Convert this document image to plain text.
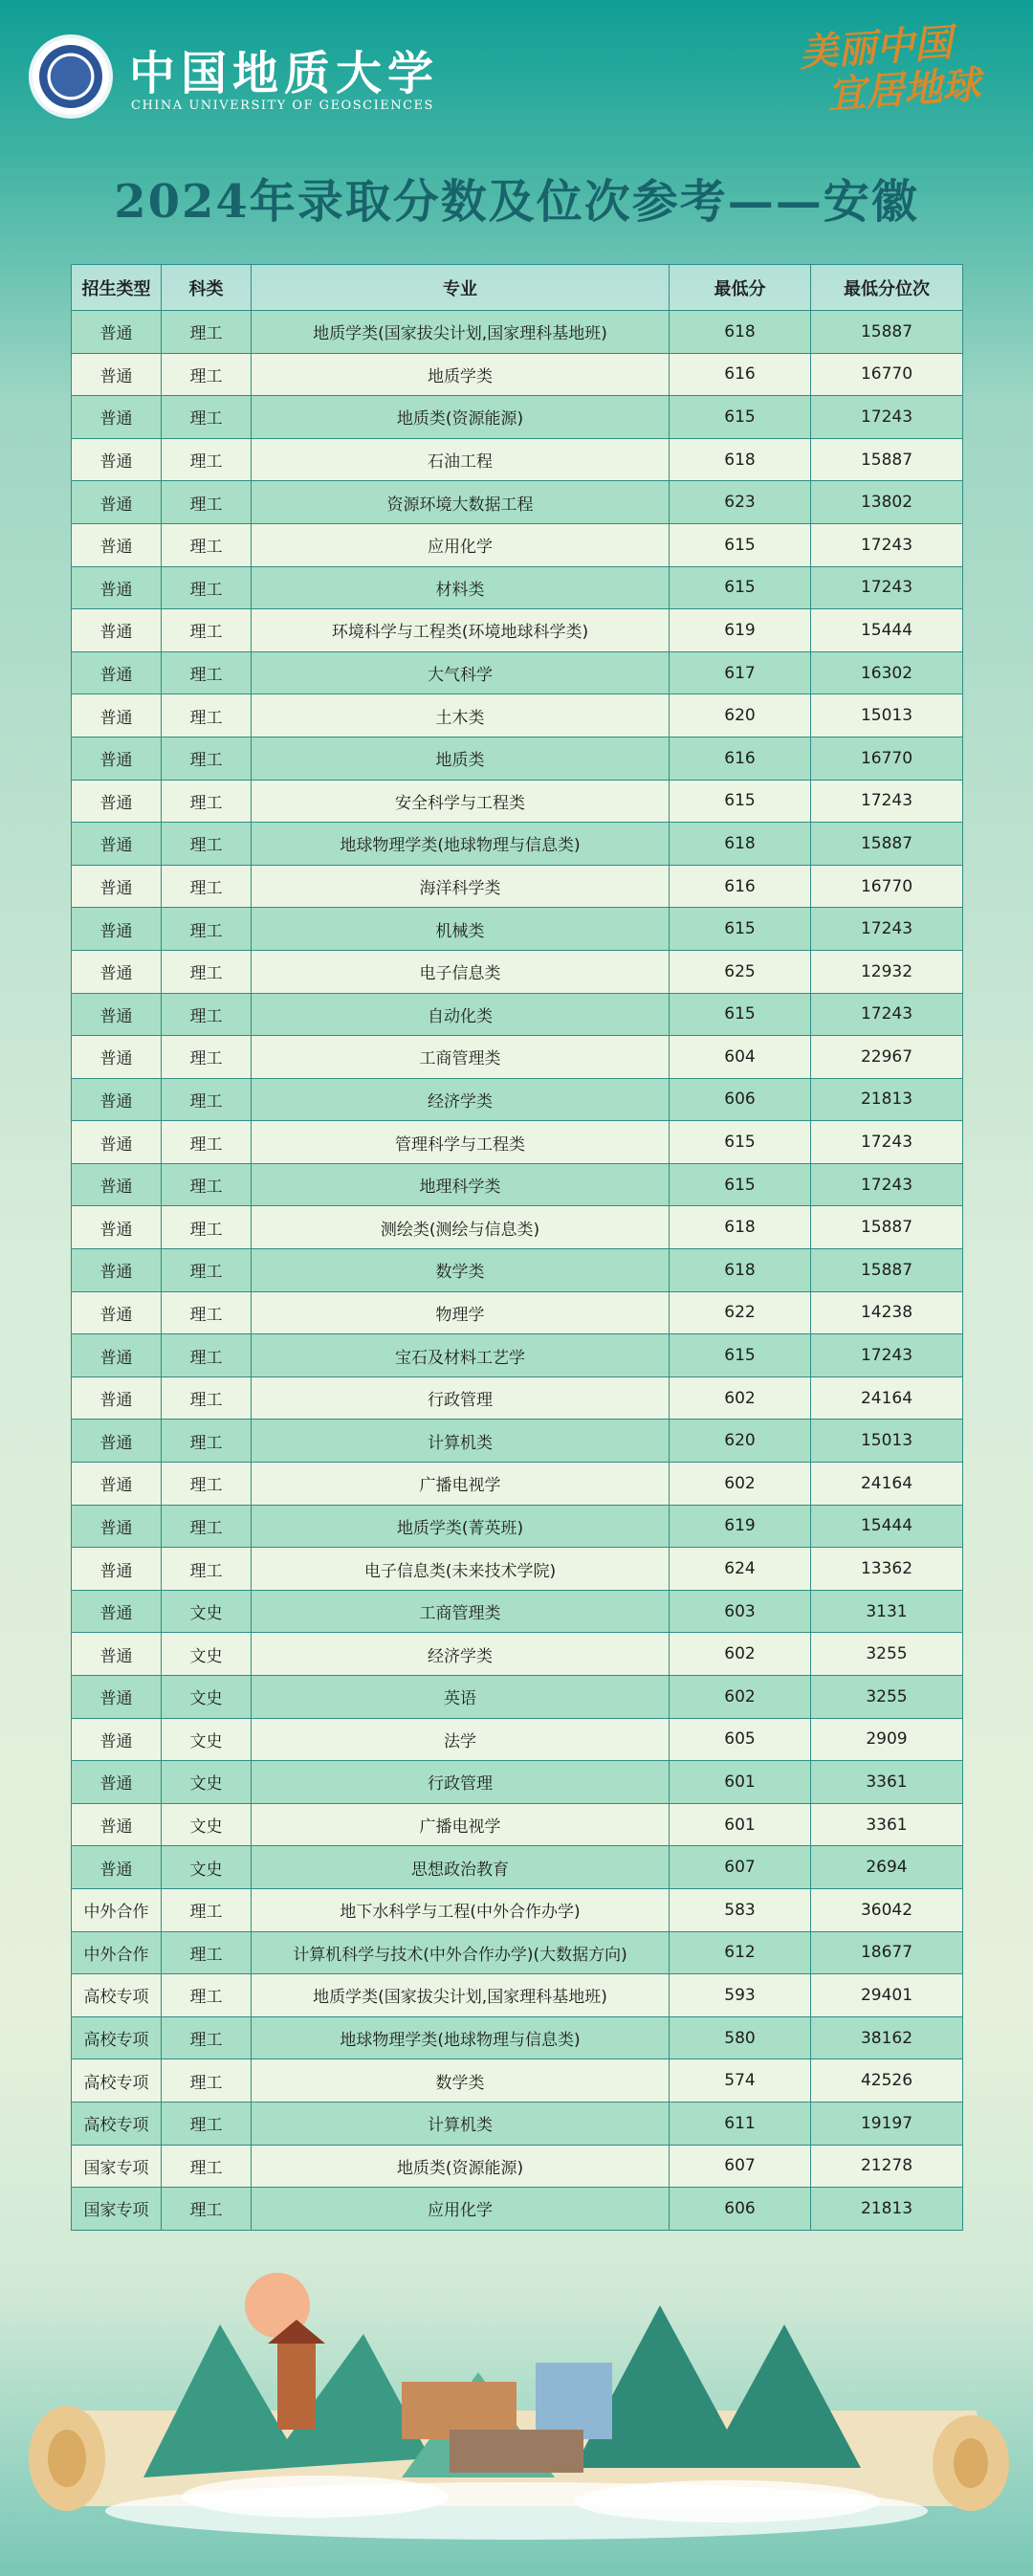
中国地质大学
CHINA UNIVERSITY OF GEOSCIENCES
美丽中国
宜居地球
2024年录取分数及位次参考——安徽
招生类型	科类	专业	最低分	最低分位次
普通	理工	地质学类(国家拔尖计划,国家理科基地班)	618	15887
普通	理工	地质学类	616	16770
普通	理工	地质类(资源能源)	615	17243
普通	理工	石油工程	618	15887
普通	理工	资源环境大数据工程	623	13802
普通	理工	应用化学	615	17243
普通	理工	材料类	615	17243
普通	理工	环境科学与工程类(环境地球科学类)	619	15444
普通	理工	大气科学	617	16302
普通	理工	土木类	620	15013
普通	理工	地质类	616	16770
普通	理工	安全科学与工程类	615	17243
普通	理工	地球物理学类(地球物理与信息类)	618	15887
普通	理工	海洋科学类	616	16770
普通	理工	机械类	615	17243
普通	理工	电子信息类	625	12932
普通	理工	自动化类	615	17243
普通	理工	工商管理类	604	22967
普通	理工	经济学类	606	21813
普通	理工	管理科学与工程类	615	17243
普通	理工	地理科学类	615	17243
普通	理工	测绘类(测绘与信息类)	618	15887
普通	理工	数学类	618	15887
普通	理工	物理学	622	14238
普通	理工	宝石及材料工艺学	615	17243
普通	理工	行政管理	602	24164
普通	理工	计算机类	620	15013
普通	理工	广播电视学	602	24164
普通	理工	地质学类(菁英班)	619	15444
普通	理工	电子信息类(未来技术学院)	624	13362
普通	文史	工商管理类	603	3131
普通	文史	经济学类	602	3255
普通	文史	英语	602	3255
普通	文史	法学	605	2909
普通	文史	行政管理	601	3361
普通	文史	广播电视学	601	3361
普通	文史	思想政治教育	607	2694
中外合作	理工	地下水科学与工程(中外合作办学)	583	36042
中外合作	理工	计算机科学与技术(中外合作办学)(大数据方向)	612	18677
高校专项	理工	地质学类(国家拔尖计划,国家理科基地班)	593	29401
高校专项	理工	地球物理学类(地球物理与信息类)	580	38162
高校专项	理工	数学类	574	42526
高校专项	理工	计算机类	611	19197
国家专项	理工	地质类(资源能源)	607	21278
国家专项	理工	应用化学	606	21813
